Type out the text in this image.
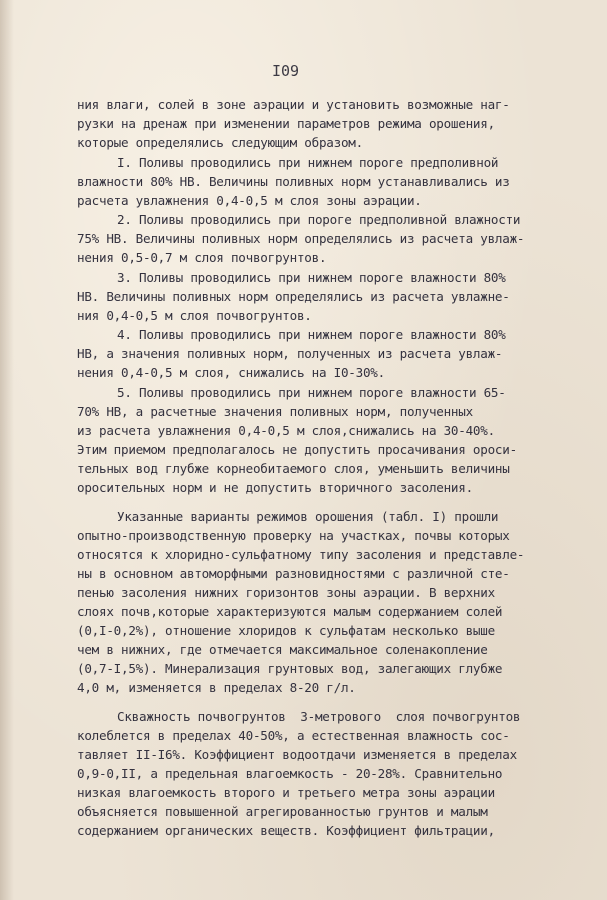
I09
ния влаги, солей в зоне аэрации и установить возможные наг-
рузки на дренаж при изменении параметров режима орошения,
которые определялись следующим образом.
I. Поливы проводились при нижнем пороге предполивной
влажности 80% НВ. Величины поливных норм устанавливались из
расчета увлажнения 0,4-0,5 м слоя зоны аэрации.
2. Поливы проводились при пороге предполивной влажности
75% НВ. Величины поливных норм определялись из расчета увлаж-
нения 0,5-0,7 м слоя почвогрунтов.
3. Поливы проводились при нижнем пороге влажности 80%
НВ. Величины поливных норм определялись из расчета увлажне-
ния 0,4-0,5 м слоя почвогрунтов.
4. Поливы проводились при нижнем пороге влажности 80%
НВ, а значения поливных норм, полученных из расчета увлаж-
нения 0,4-0,5 м слоя, снижались на I0-30%.
5. Поливы проводились при нижнем пороге влажности 65-
70% НВ, а расчетные значения поливных норм, полученных
из расчета увлажнения 0,4-0,5 м слоя,снижались на 30-40%.
Этим приемом предполагалось не допустить просачивания ороси-
тельных вод глубже корнеобитаемого слоя, уменьшить величины
оросительных норм и не допустить вторичного засоления.
Указанные варианты режимов орошения (табл. I) прошли
опытно-производственную проверку на участках, почвы которых
относятся к хлоридно-сульфатному типу засоления и представле-
ны в основном автоморфными разновидностями с различной сте-
пенью засоления нижних горизонтов зоны аэрации. В верхних
слоях почв,которые характеризуются малым содержанием солей
(0,I-0,2%), отношение хлоридов к сульфатам несколько выше
чем в нижних, где отмечается максимальное соленакопление
(0,7-I,5%). Минерализация грунтовых вод, залегающих глубже
4,0 м, изменяется в пределах 8-20 г/л.
Скважность почвогрунтов  3-метрового  слоя почвогрунтов
колеблется в пределах 40-50%, а естественная влажность сос-
тавляет II-I6%. Коэффициент водоотдачи изменяется в пределах
0,9-0,II, а предельная влагоемкость - 20-28%. Сравнительно
низкая влагоемкость второго и третьего метра зоны аэрации
объясняется повышенной агрегированностью грунтов и малым
содержанием органических веществ. Коэффициент фильтрации,
